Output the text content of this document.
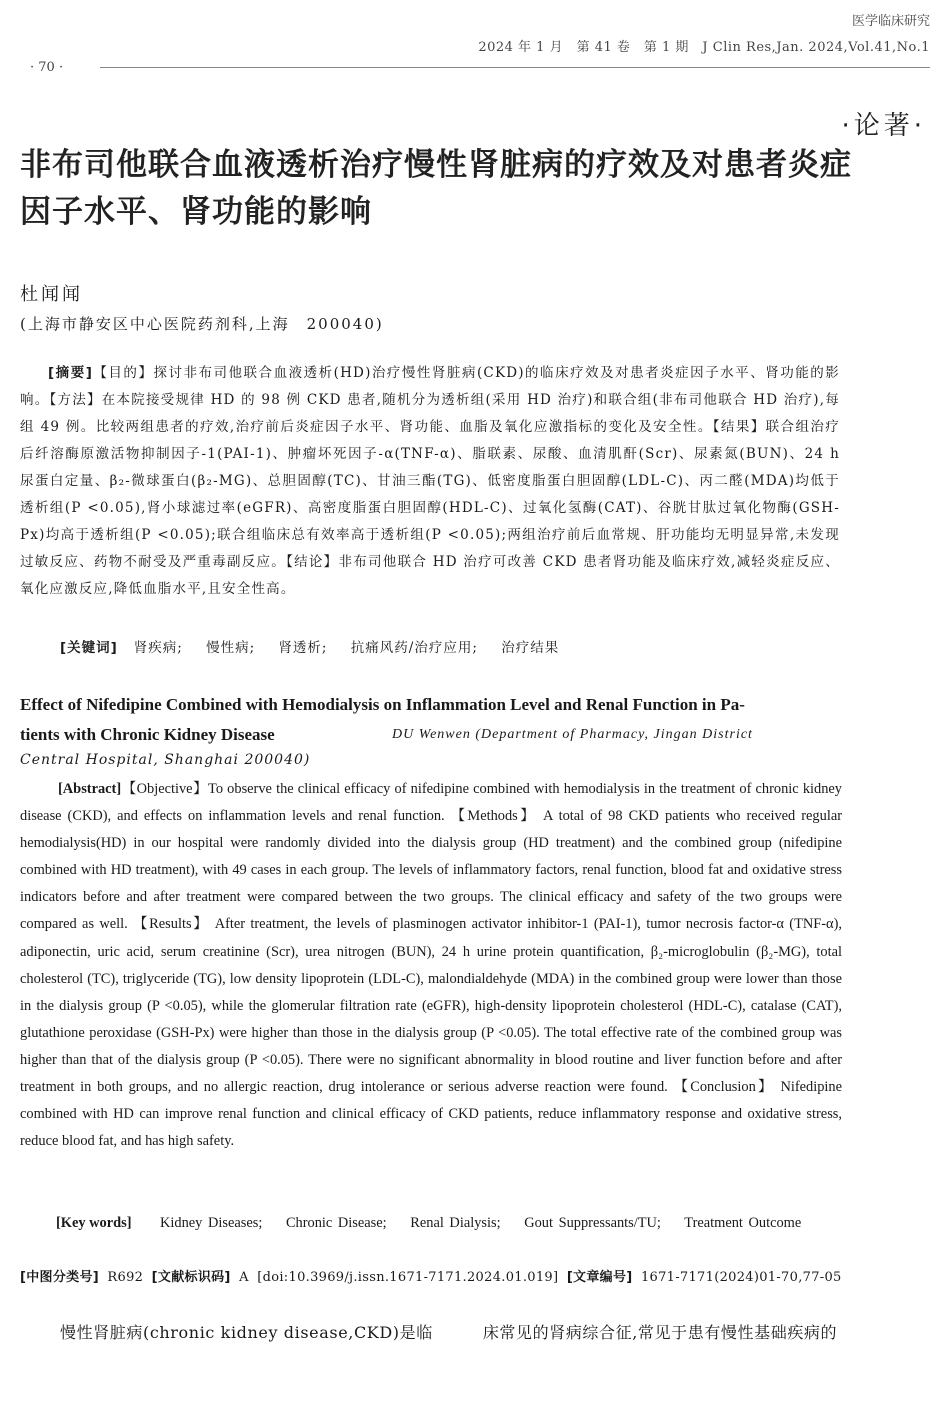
医学临床研究
2024 年 1 月　第 41 卷　第 1 期　J Clin Res,Jan. 2024,Vol.41,No.1
· 70 ·
·论著·
非布司他联合血液透析治疗慢性肾脏病的疗效及对患者炎症
因子水平、肾功能的影响
杜闻闻
(上海市静安区中心医院药剂科,上海　200040)
[摘要]【目的】探讨非布司他联合血液透析(HD)治疗慢性肾脏病(CKD)的临床疗效及对患者炎症因子水平、肾功能的影响。【方法】在本院接受规律 HD 的 98 例 CKD 患者,随机分为透析组(采用 HD 治疗)和联合组(非布司他联合 HD 治疗),每组 49 例。比较两组患者的疗效,治疗前后炎症因子水平、肾功能、血脂及氧化应激指标的变化及安全性。【结果】联合组治疗后纤溶酶原激活物抑制因子-1(PAI-1)、肿瘤坏死因子-α(TNF-α)、脂联素、尿酸、血清肌酐(Scr)、尿素氮(BUN)、24 h 尿蛋白定量、β₂-微球蛋白(β₂-MG)、总胆固醇(TC)、甘油三酯(TG)、低密度脂蛋白胆固醇(LDL-C)、丙二醛(MDA)均低于透析组(P <0.05),肾小球滤过率(eGFR)、高密度脂蛋白胆固醇(HDL-C)、过氧化氢酶(CAT)、谷胱甘肽过氧化物酶(GSH-Px)均高于透析组(P <0.05);联合组临床总有效率高于透析组(P <0.05);两组治疗前后血常规、肝功能均无明显异常,未发现过敏反应、药物不耐受及严重毒副反应。【结论】非布司他联合 HD 治疗可改善 CKD 患者肾功能及临床疗效,减轻炎症反应、氧化应激反应,降低血脂水平,且安全性高。
[关键词] 肾疾病; 慢性病; 肾透析; 抗痛风药/治疗应用; 治疗结果
Effect of Nifedipine Combined with Hemodialysis on Inflammation Level and Renal Function in Pa-
tients with Chronic Kidney Disease	DU Wenwen (Department of Pharmacy, Jingan District
Central Hospital, Shanghai 200040)
[Abstract]【Objective】To observe the clinical efficacy of nifedipine combined with hemodialysis in the treatment of chronic kidney disease (CKD), and effects on inflammation levels and renal function. 【Methods】 A total of 98 CKD patients who received regular hemodialysis(HD) in our hospital were randomly divided into the dialysis group (HD treatment) and the combined group (nifedipine combined with HD treatment), with 49 cases in each group. The levels of inflammatory factors, renal function, blood fat and oxidative stress indicators before and after treatment were compared between the two groups. The clinical efficacy and safety of the two groups were compared as well. 【Results】 After treatment, the levels of plasminogen activator inhibitor-1 (PAI-1), tumor necrosis factor-α (TNF-α), adiponectin, uric acid, serum creatinine (Scr), urea nitrogen (BUN), 24 h urine protein quantification, β₂-microglobulin (β₂-MG), total cholesterol (TC), triglyceride (TG), low density lipoprotein (LDL-C), malondialdehyde (MDA) in the combined group were lower than those in the dialysis group (P <0.05), while the glomerular filtration rate (eGFR), high-density lipoprotein cholesterol (HDL-C), catalase (CAT), glutathione peroxidase (GSH-Px) were higher than those in the dialysis group (P <0.05). The total effective rate of the combined group was higher than that of the dialysis group (P <0.05). There were no significant abnormality in blood routine and liver function before and after treatment in both groups, and no allergic reaction, drug intolerance or serious adverse reaction were found. 【Conclusion】 Nifedipine combined with HD can improve renal function and clinical efficacy of CKD patients, reduce inflammatory response and oxidative stress, reduce blood fat, and has high safety.
[Key words]	Kidney Diseases; Chronic Disease; Renal Dialysis; Gout Suppressants/TU; Treatment Outcome
[中图分类号] R692 [文献标识码] A [doi:10.3969/j.issn.1671-7171.2024.01.019] [文章编号] 1671-7171(2024)01-70,77-05
慢性肾脏病(chronic kidney disease,CKD)是临	床常见的肾病综合征,常见于患有慢性基础疾病的
